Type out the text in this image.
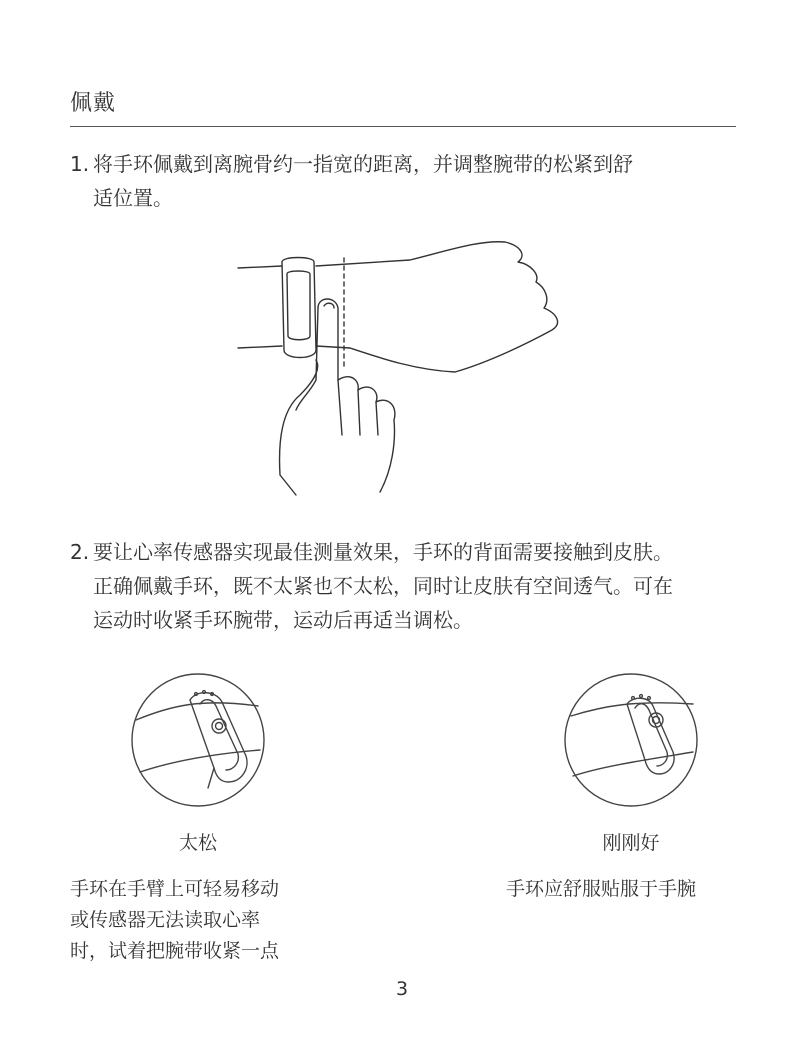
佩戴
1. 将手环佩戴到离腕骨约一指宽的距离，并调整腕带的松紧到舒
适位置。
2. 要让心率传感器实现最佳测量效果，手环的背面需要接触到皮肤。
正确佩戴手环，既不太紧也不太松，同时让皮肤有空间透气。可在
运动时收紧手环腕带，运动后再适当调松。
太松	刚刚好
手环在手臂上可轻易移动
或传感器无法读取心率
时，试着把腕带收紧一点
手环应舒服贴服于手腕
3
